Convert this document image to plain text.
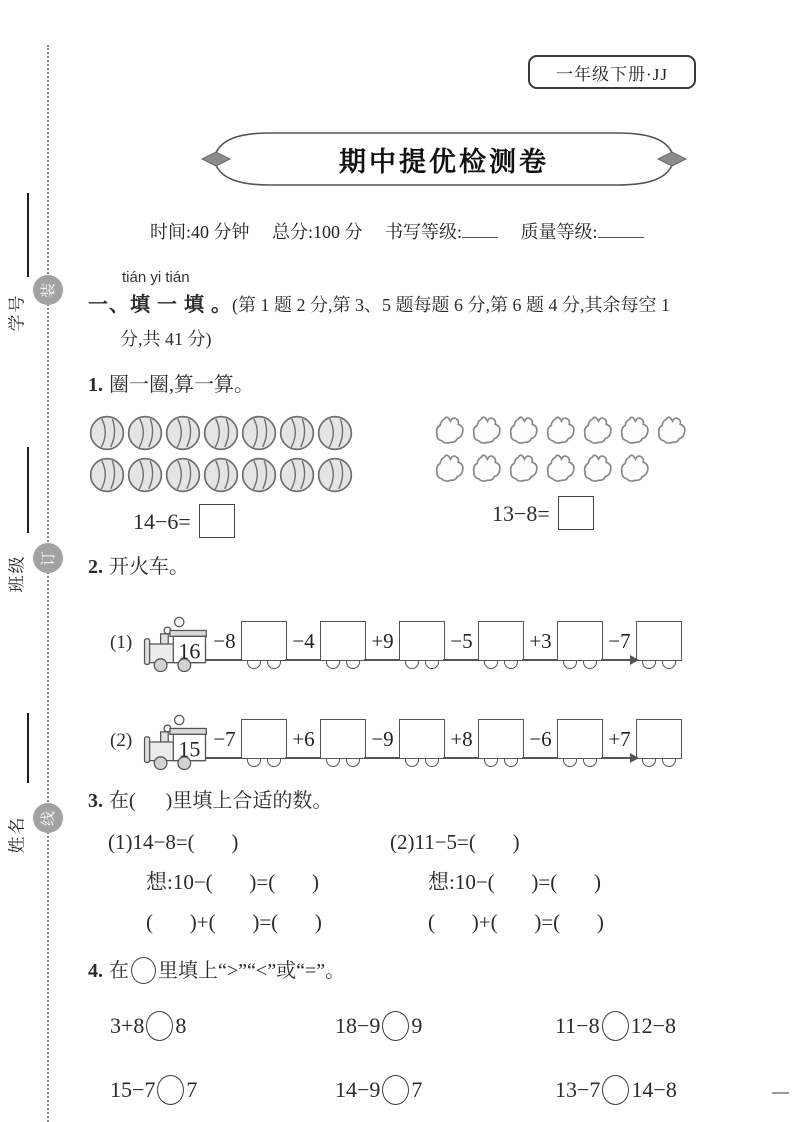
装
订
线
学号
班级
姓名
一年级下册·JJ
期中提优检测卷
时间:40 分钟 总分:100 分 书写等级:	质量等级:
tián yi tián
一、填 一 填 。(第 1 题 2 分,第 3、5 题每题 6 分,第 6 题 4 分,其余每空 1
分,共 41 分)
1. 圈一圈,算一算。
14−6=	13−8=
2. 开火车。
(1)	16 −8	−4	+9	−5	+3	−7
(2)	15 −7	+6	−9	+8	−6	+7
3. 在(      )里填上合适的数。
(1)14−8=(       )
想:10−(       )=(       )
(       )+(       )=(       )
(2)11−5=(       )
想:10−(       )=(       )
(       )+(       )=(       )
4. 在 里填上“>”“<”或“=”。
3+8 8	18−9 9	11−8 12−8
15−7 7	14−9 7	13−7 14−8
